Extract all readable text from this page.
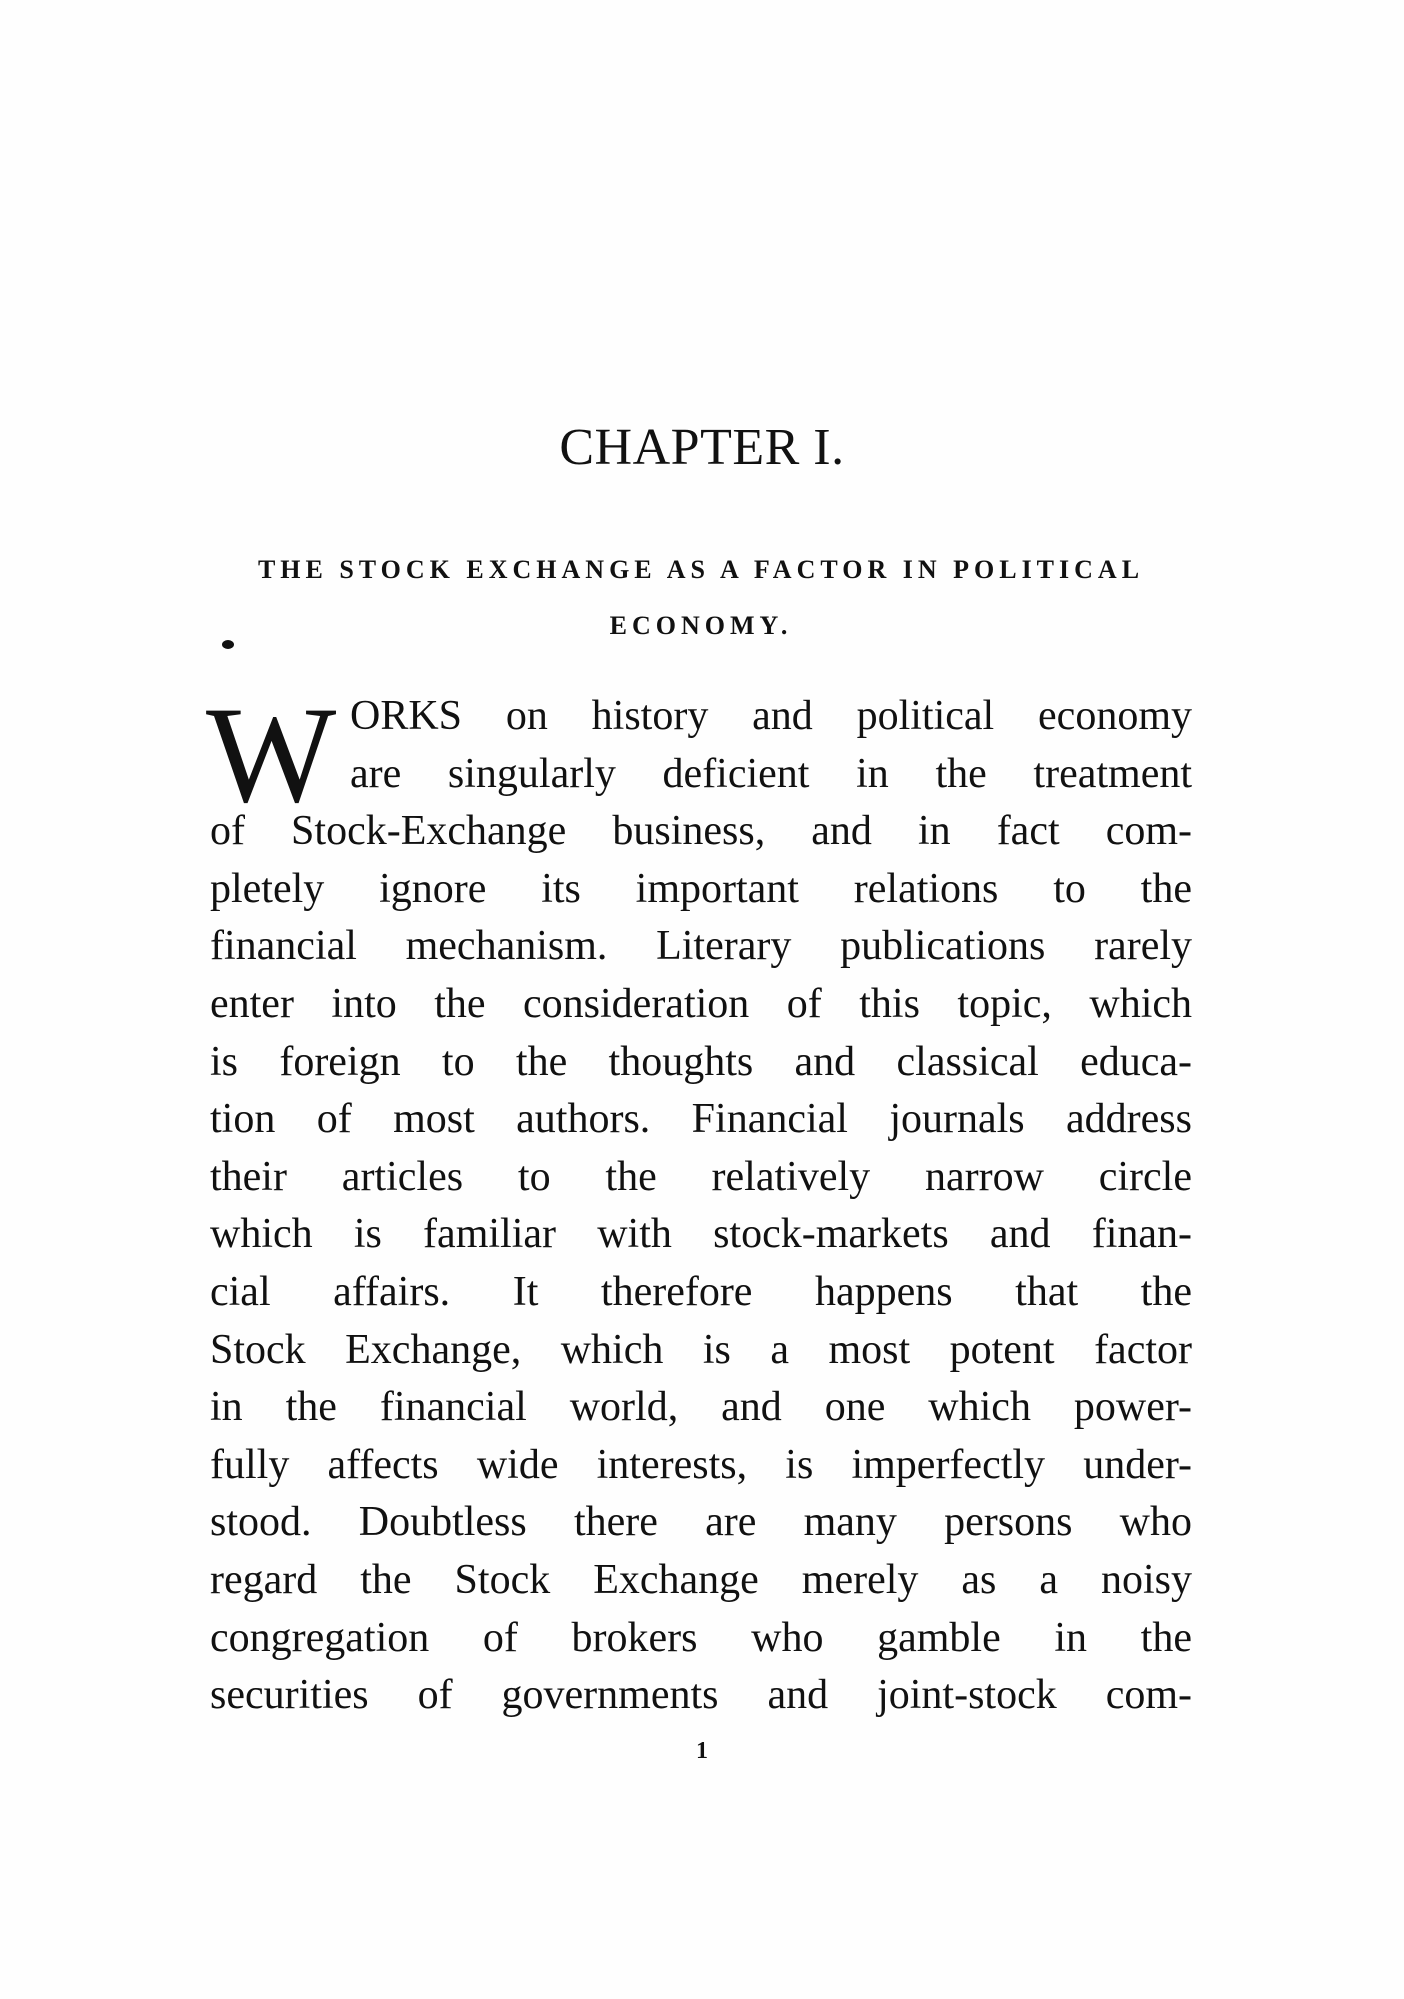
CHAPTER I.
THE STOCK EXCHANGE AS A FACTOR IN POLITICAL ECONOMY.
W ORKS on history and political economy
are singularly deficient in the treatment
of Stock-Exchange business, and in fact com-
pletely ignore its important relations to the
financial mechanism. Literary publications rarely
enter into the consideration of this topic, which
is foreign to the thoughts and classical educa-
tion of most authors. Financial journals address
their articles to the relatively narrow circle
which is familiar with stock-markets and finan-
cial affairs. It therefore happens that the
Stock Exchange, which is a most potent factor
in the financial world, and one which power-
fully affects wide interests, is imperfectly under-
stood. Doubtless there are many persons who
regard the Stock Exchange merely as a noisy
congregation of brokers who gamble in the
securities of governments and joint-stock com-
1
